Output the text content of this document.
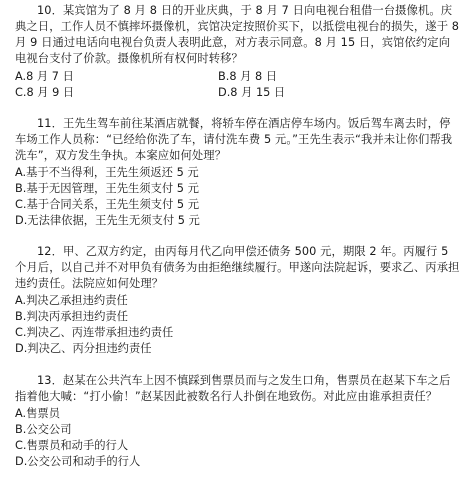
10．某宾馆为了 8 月 8 日的开业庆典，于 8 月 7 日向电视台租借一台摄像机。庆典之日，工作人员不慎摔坏摄像机，宾馆决定按照价买下，以抵偿电视台的损失，遂于 8 月 9 日通过电话向电视台负责人表明此意，对方表示同意。8 月 15 日，宾馆依约定向电视台支付了价款。摄像机所有权何时转移？

A.8 月 7 日	B.8 月 8 日
C.8 月 9 日	D.8 月 15 日

11．王先生驾车前往某酒店就餐，将轿车停在酒店停车场内。饭后驾车离去时，停车场工作人员称：“已经给你洗了车，请付洗车费 5 元。”王先生表示“我并未让你们帮我洗车”，双方发生争执。本案应如何处理？

A.基于不当得利，王先生须返还 5 元
B.基于无因管理，王先生须支付 5 元
C.基于合同关系，王先生须支付 5 元
D.无法律依据，王先生无须支付 5 元

12．甲、乙双方约定，由丙每月代乙向甲偿还债务 500 元，期限 2 年。丙履行 5 个月后，以自己并不对甲负有债务为由拒绝继续履行。甲遂向法院起诉，要求乙、丙承担违约责任。法院应如何处理？

A.判决乙承担违约责任
B.判决丙承担违约责任
C.判决乙、丙连带承担违约责任
D.判决乙、丙分担违约责任

13．赵某在公共汽车上因不慎踩到售票员而与之发生口角，售票员在赵某下车之后指着他大喊：“打小偷！”赵某因此被数名行人扑倒在地致伤。对此应由谁承担责任？

A.售票员
B.公交公司
C.售票员和动手的行人
D.公交公司和动手的行人
